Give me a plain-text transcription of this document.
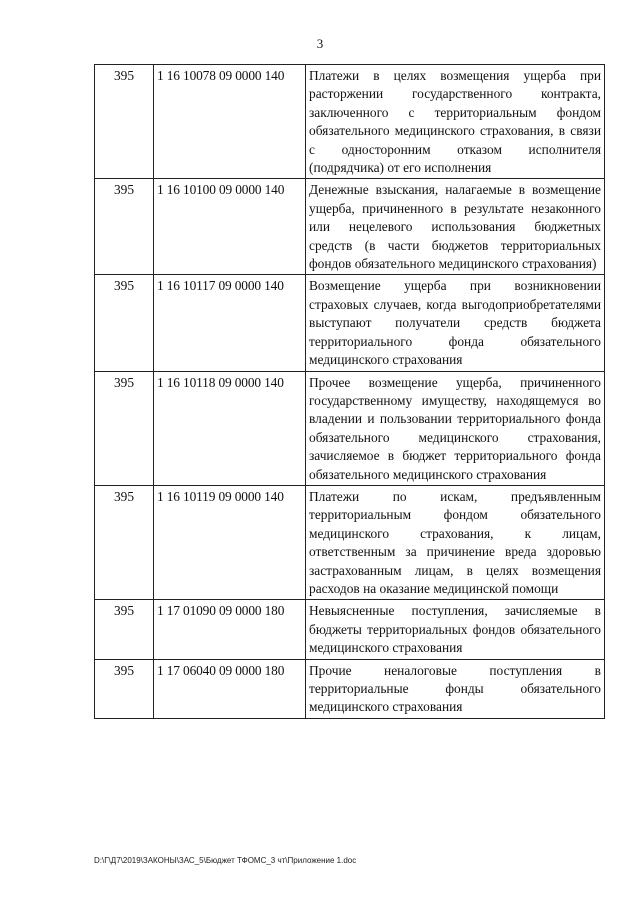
3
395	1 16 10078 09 0000 140	Платежи в целях возмещения ущерба при расторжении государственного контракта, заключенного с территориальным фондом обязательного медицинского страхования, в связи с односторонним отказом исполнителя (подрядчика) от его исполнения
395	1 16 10100 09 0000 140	Денежные взыскания, налагаемые в возмещение ущерба, причиненного в результате незаконного или нецелевого использования бюджетных средств (в части бюджетов территориальных фондов обязательного медицинского страхования)
395	1 16 10117 09 0000 140	Возмещение ущерба при возникновении страховых случаев, когда выгодоприобретателями выступают получатели средств бюджета территориального фонда обязательного медицинского страхования
395	1 16 10118 09 0000 140	Прочее возмещение ущерба, причиненного государственному имуществу, находящемуся во владении и пользовании территориального фонда обязательного медицинского страхования, зачисляемое в бюджет территориального фонда обязательного медицинского страхования
395	1 16 10119 09 0000 140	Платежи по искам, предъявленным территориальным фондом обязательного медицинского страхования, к лицам, ответственным за причинение вреда здоровью застрахованным лицам, в целях возмещения расходов на оказание медицинской помощи
395	1 17 01090 09 0000 180	Невыясненные поступления, зачисляемые в бюджеты территориальных фондов обязательного медицинского страхования
395	1 17 06040 09 0000 180	Прочие неналоговые поступления в территориальные фонды обязательного медицинского страхования
D:\Г\Д7\2019\ЗАКОНЫ\ЗАС_5\Бюджет ТФОМС_3 чт\Приложение 1.doc
